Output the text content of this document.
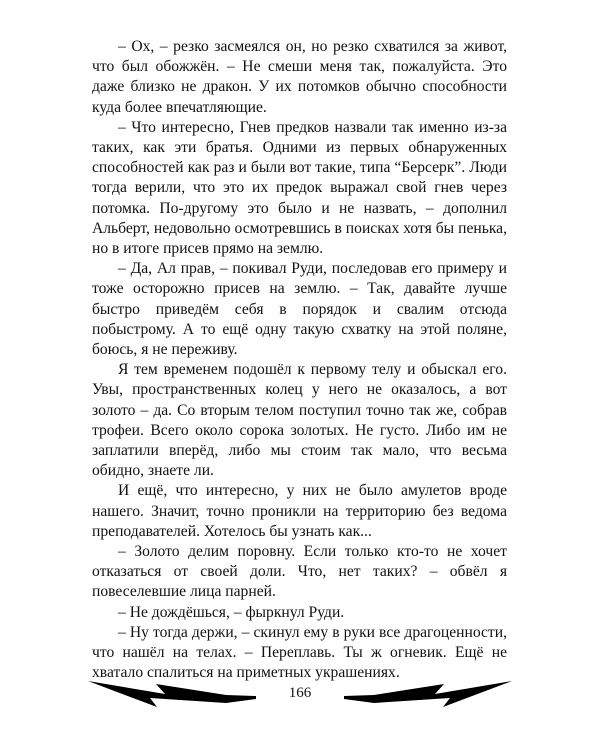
– Ох, – резко засмеялся он, но резко схватился за живот, что был обожжён. – Не смеши меня так, пожалуйста. Это даже близко не дракон. У их потомков обычно способности куда более впечатляющие.

– Что интересно, Гнев предков назвали так именно из-за таких, как эти братья. Одними из первых обнаруженных способностей как раз и были вот такие, типа “Берсерк”. Люди тогда верили, что это их предок выражал свой гнев через потомка. По-другому это было и не назвать, – дополнил Альберт, недовольно осмотревшись в поисках хотя бы пенька, но в итоге присев прямо на землю.

– Да, Ал прав, – покивал Руди, последовав его примеру и тоже осторожно присев на землю. – Так, давайте лучше быстро приведём себя в порядок и свалим отсюда побыстрому. А то ещё одну такую схватку на этой поляне, боюсь, я не переживу.

Я тем временем подошёл к первому телу и обыскал его. Увы, пространственных колец у него не оказалось, а вот золото – да. Со вторым телом поступил точно так же, собрав трофеи. Всего около сорока золотых. Не густо. Либо им не заплатили вперёд, либо мы стоим так мало, что весьма обидно, знаете ли.

И ещё, что интересно, у них не было амулетов вроде нашего. Значит, точно проникли на территорию без ведома преподавателей. Хотелось бы узнать как...

– Золото делим поровну. Если только кто-то не хочет отказаться от своей доли. Что, нет таких? – обвёл я повеселевшие лица парней.

– Не дождёшься, – фыркнул Руди.

– Ну тогда держи, – скинул ему в руки все драгоценности, что нашёл на телах. – Переплавь. Ты ж огневик. Ещё не хватало спалиться на приметных украшениях.

166
